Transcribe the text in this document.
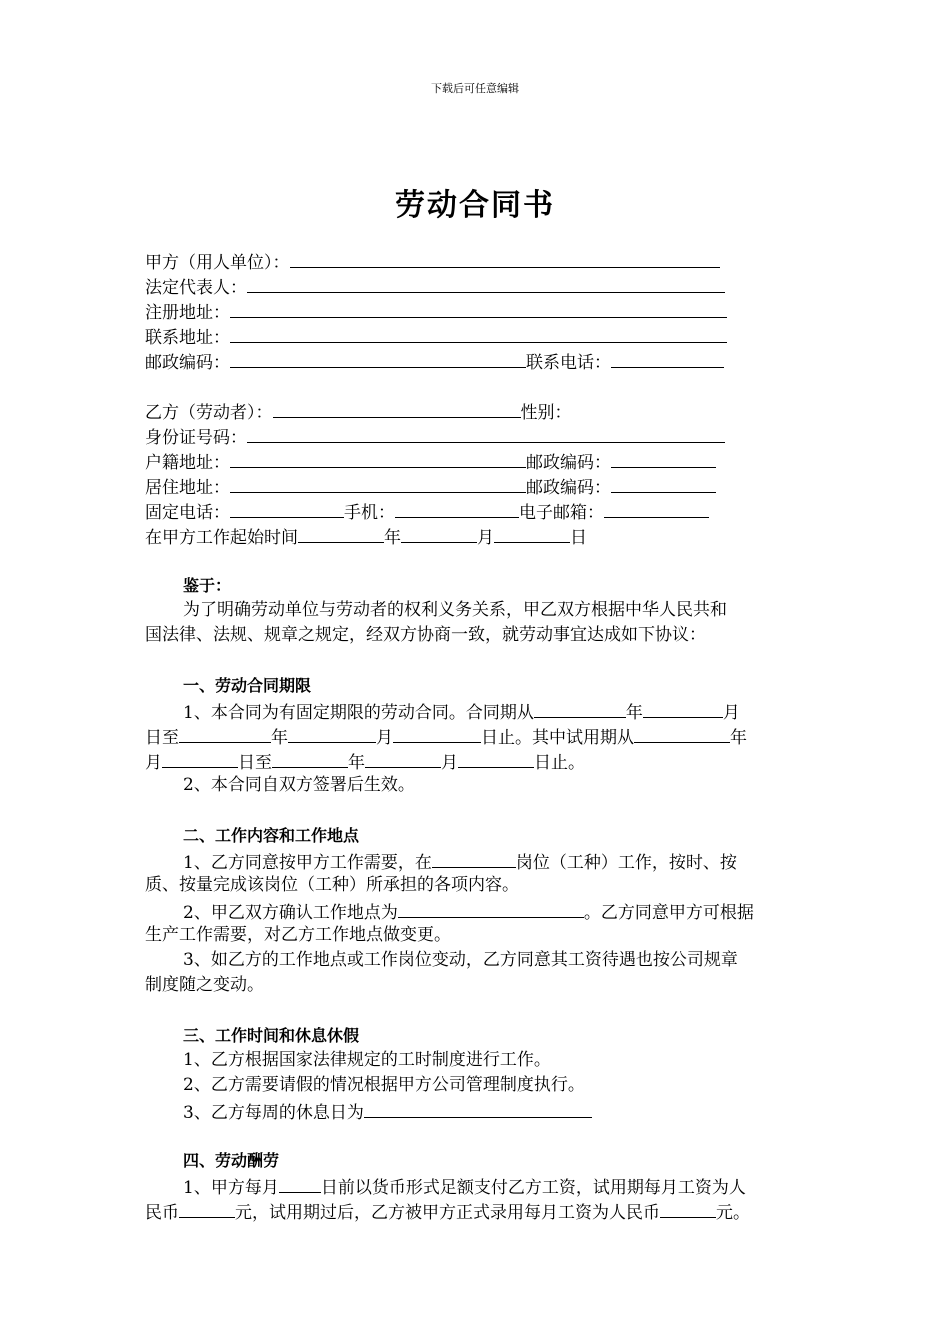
下载后可任意编辑
劳动合同书
甲方（用人单位）：
法定代表人：
注册地址：
联系地址：
邮政编码：	联系电话：
乙方（劳动者）：	性别：
身份证号码：
户籍地址：	邮政编码：
居住地址：	邮政编码：
固定电话：	手机：	电子邮箱：
在甲方工作起始时间	年	月	日
鉴于：
为了明确劳动单位与劳动者的权利义务关系，甲乙双方根据中华人民共和
国法律、法规、规章之规定，经双方协商一致，就劳动事宜达成如下协议：
一、劳动合同期限
1、本合同为有固定期限的劳动合同。合同期从	年	月
日至	年	月	日止。其中试用期从	年
月	日至	年	月	日止。
2、本合同自双方签署后生效。
二、工作内容和工作地点
1、乙方同意按甲方工作需要，在	岗位（工种）工作，按时、按
质、按量完成该岗位（工种）所承担的各项内容。
2、甲乙双方确认工作地点为	。乙方同意甲方可根据
生产工作需要，对乙方工作地点做变更。
3、如乙方的工作地点或工作岗位变动，乙方同意其工资待遇也按公司规章
制度随之变动。
三、工作时间和休息休假
1、乙方根据国家法律规定的工时制度进行工作。
2、乙方需要请假的情况根据甲方公司管理制度执行。
3、乙方每周的休息日为
四、劳动酬劳
1、甲方每月 日前以货币形式足额支付乙方工资，试用期每月工资为人
民币	元，试用期过后，乙方被甲方正式录用每月工资为人民币	元。
